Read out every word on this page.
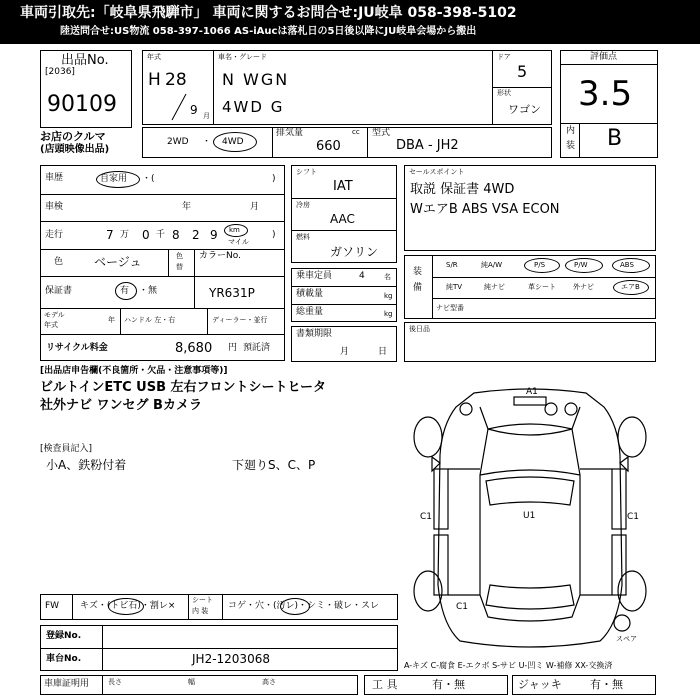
車両引取先:「岐阜県飛騨市」 車両に関するお問合せ:JU岐阜 058-398-5102
陸送問合せ:US物流 058-397-1066 AS-iAucは落札日の5日後以降にJU岐阜会場から搬出
出品No.
[2036]
90109
お店のクルマ
(店頭映像出品)
年式
H 28
9 月
車名・グレード
N WGN
4WD G
ドア
5
形状
ワゴン
評価点
3.5
内
装 B
2WD ・ 4WD
排気量	cc
660
型式
DBA - JH2
車歴	自家用 ・(	)
車検	年	月
走行	7 万 0 千 8 2 9 km
マイル
)
色	ベージュ	色
替
カラーNo.
YR631P
保証書	有 ・無
モデル
年式
年 ハンドル 左・右	ディーラー・並行
リサイクル料金	8,680 円 預託済
シフト
IAT
冷房
AAC
燃料
ガソリン
乗車定員	4	名
積載量	kg
総重量	kg
書類期限
月	日
セールスポイント
取説 保証書 4WD
WエアB ABS VSA ECON
装
備
S/R	純A/W	P/S	P/W	ABS
純TV	純ナビ	革シート 外ナビ	エアB
ナビ型番
後日品
[出品店申告欄(不良箇所・欠品・注意事項等)]
ビルトインETC USB 左右フロントシートヒータ
社外ナビ ワンセグ Bカメラ
[検査員記入]
小A、鉄粉付着	下廻りS、C、P
A1
U1
C1	C1
C1
スペア
FW キズ・(トビ石)・割レ×
シート
内 装 コゲ・穴・(汚レ)・シミ・破レ・スレ
登録No.
車台No.	JH2-1203068	A-キズ C-腐食 E-エクボ S-サビ U-凹ミ W-補修 XX-交換済
車庫証明用	長さ	幅	高さ	工 具	有・無	ジャッキ	有・無
